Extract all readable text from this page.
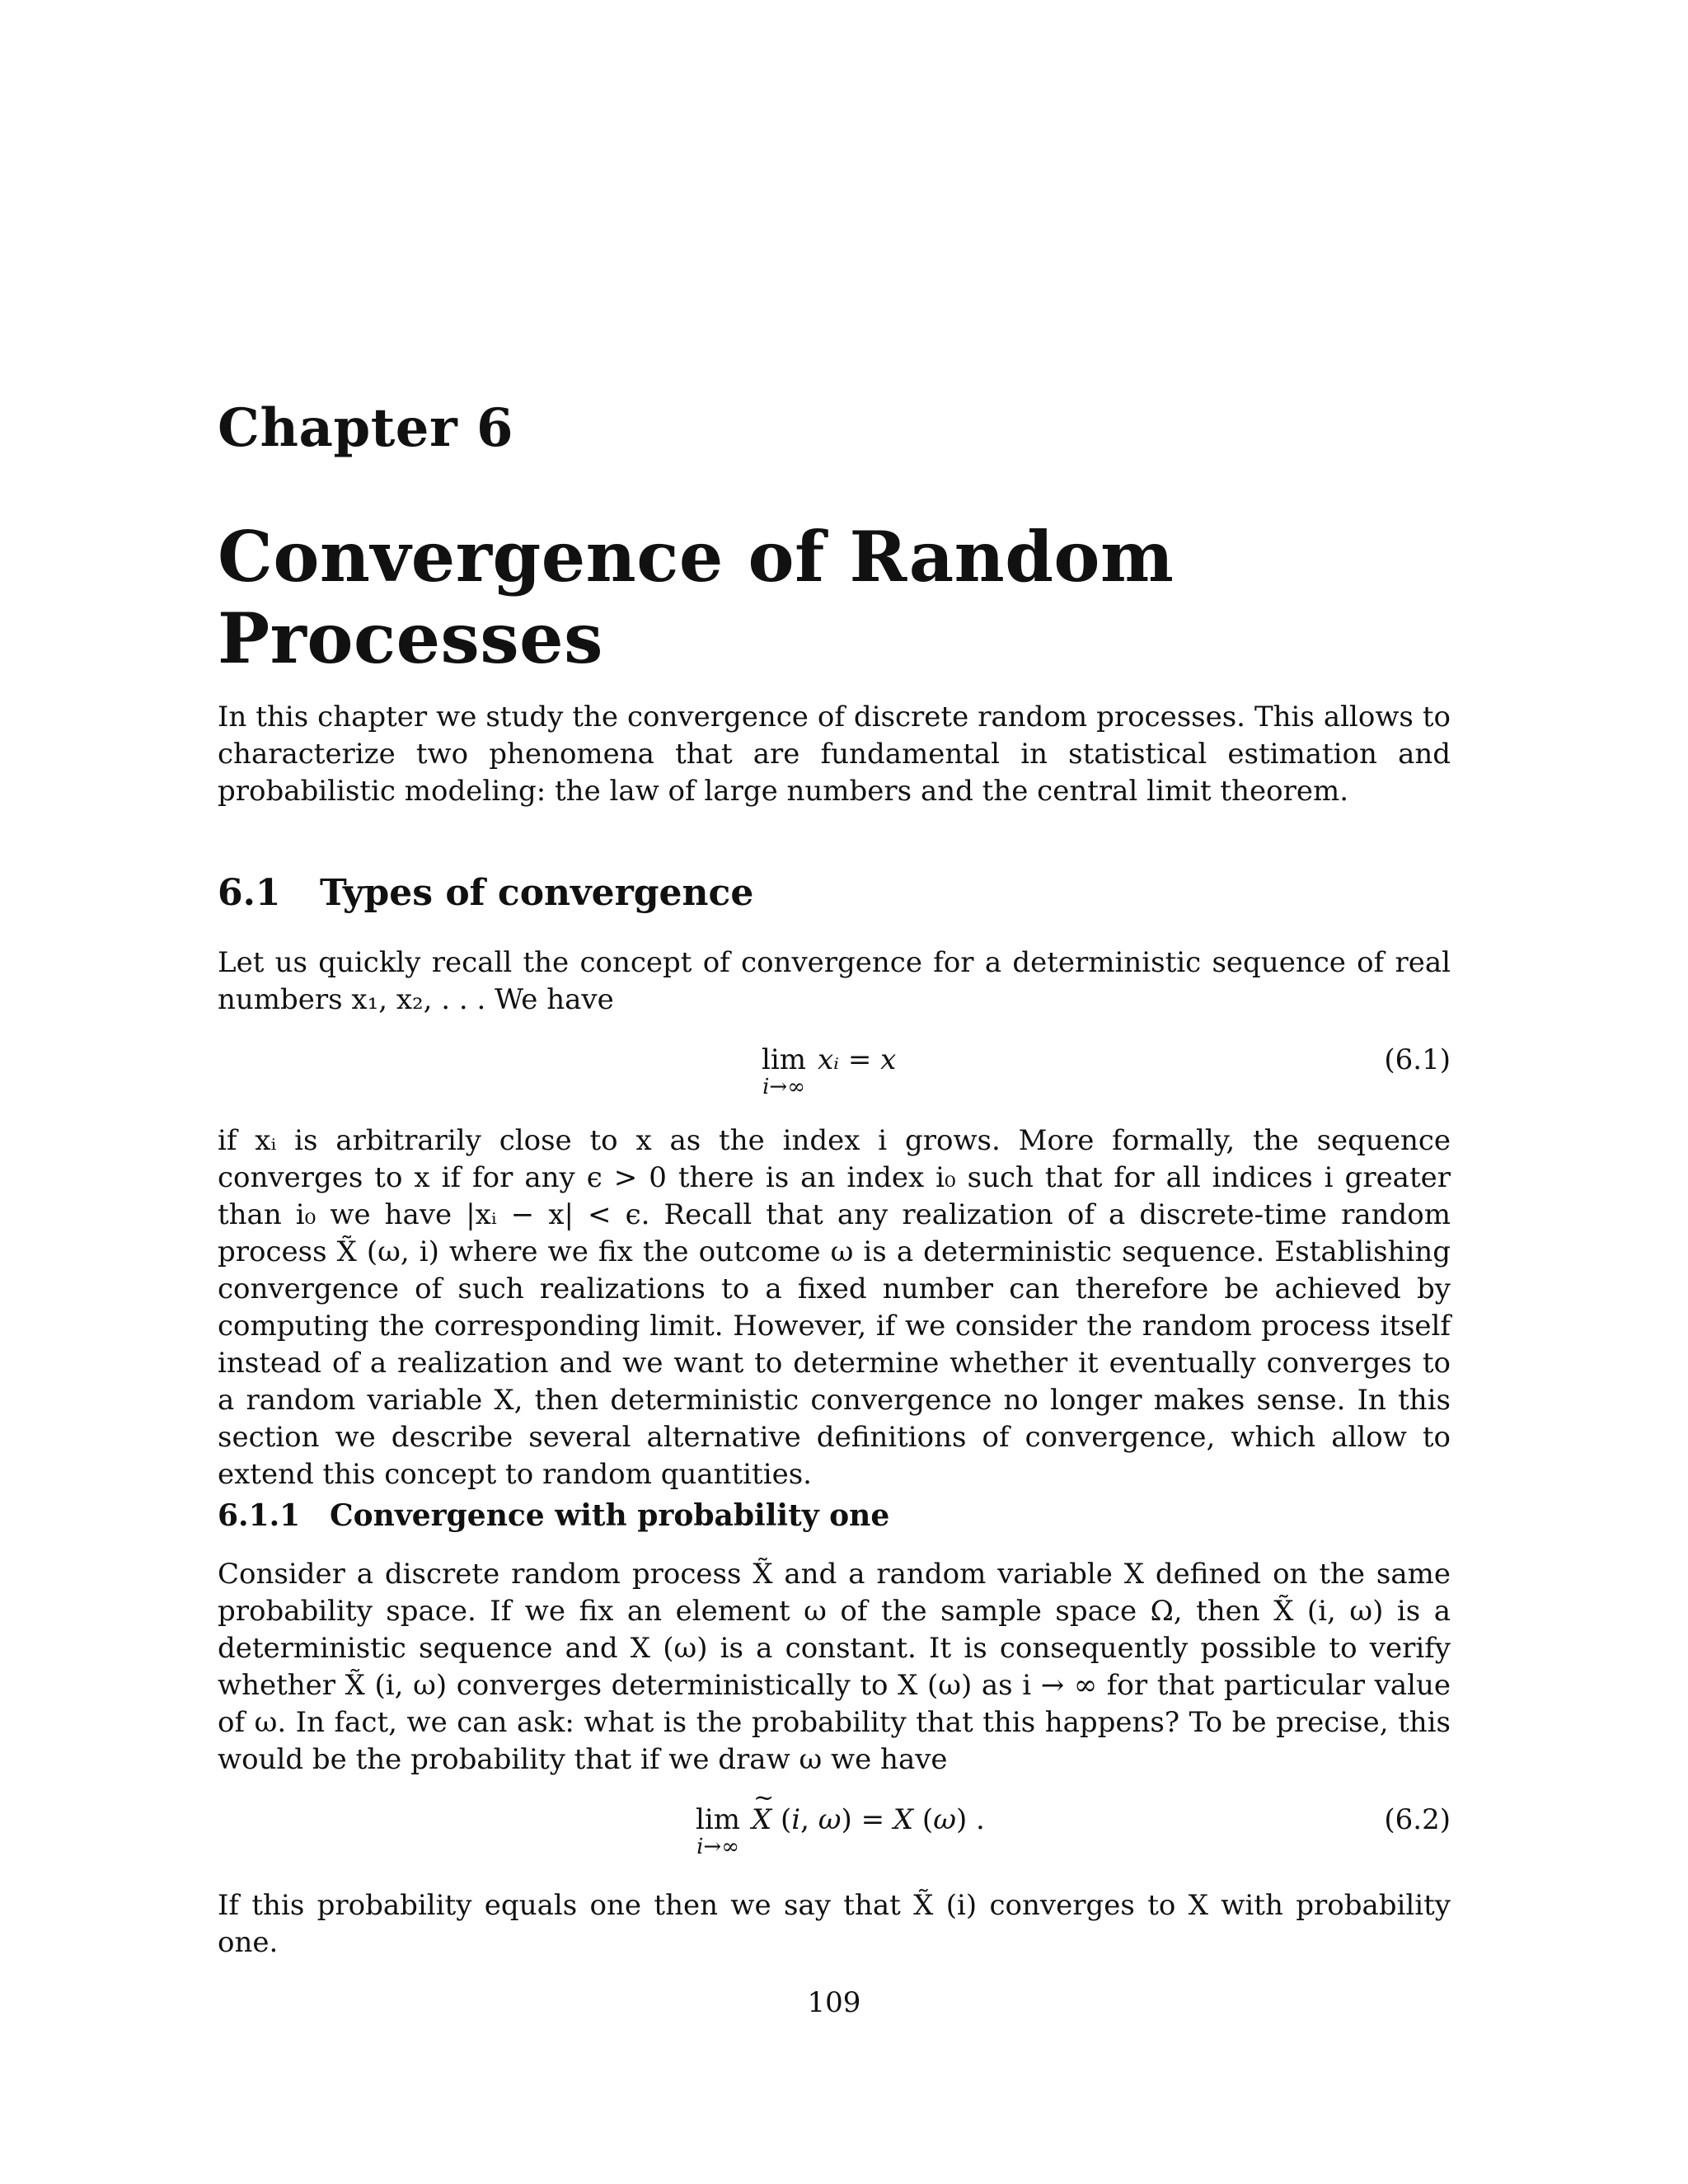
Chapter 6
Convergence of Random Processes

In this chapter we study the convergence of discrete random processes. This allows to characterize two phenomena that are fundamental in statistical estimation and probabilistic modeling: the law of large numbers and the central limit theorem.

6.1 Types of convergence

Let us quickly recall the concept of convergence for a deterministic sequence of real numbers x₁, x₂, . . . We have

lim
i→∞
xᵢ = x	(6.1)

if xᵢ is arbitrarily close to x as the index i grows. More formally, the sequence converges to x if for any ϵ > 0 there is an index i₀ such that for all indices i greater than i₀ we have |xᵢ − x| < ϵ. Recall that any realization of a discrete-time random process X̃ (ω, i) where we fix the outcome ω is a deterministic sequence. Establishing convergence of such realizations to a fixed number can therefore be achieved by computing the corresponding limit. However, if we consider the random process itself instead of a realization and we want to determine whether it eventually converges to a random variable X, then deterministic convergence no longer makes sense. In this section we describe several alternative definitions of convergence, which allow to extend this concept to random quantities.

6.1.1 Convergence with probability one

Consider a discrete random process X̃ and a random variable X defined on the same probability space. If we fix an element ω of the sample space Ω, then X̃ (i, ω) is a deterministic sequence and X (ω) is a constant. It is consequently possible to verify whether X̃ (i, ω) converges deterministically to X (ω) as i → ∞ for that particular value of ω. In fact, we can ask: what is the probability that this happens? To be precise, this would be the probability that if we draw ω we have

lim
i→∞
~ X (i, ω) = X (ω) .	(6.2)

If this probability equals one then we say that X̃ (i) converges to X with probability one.

109
